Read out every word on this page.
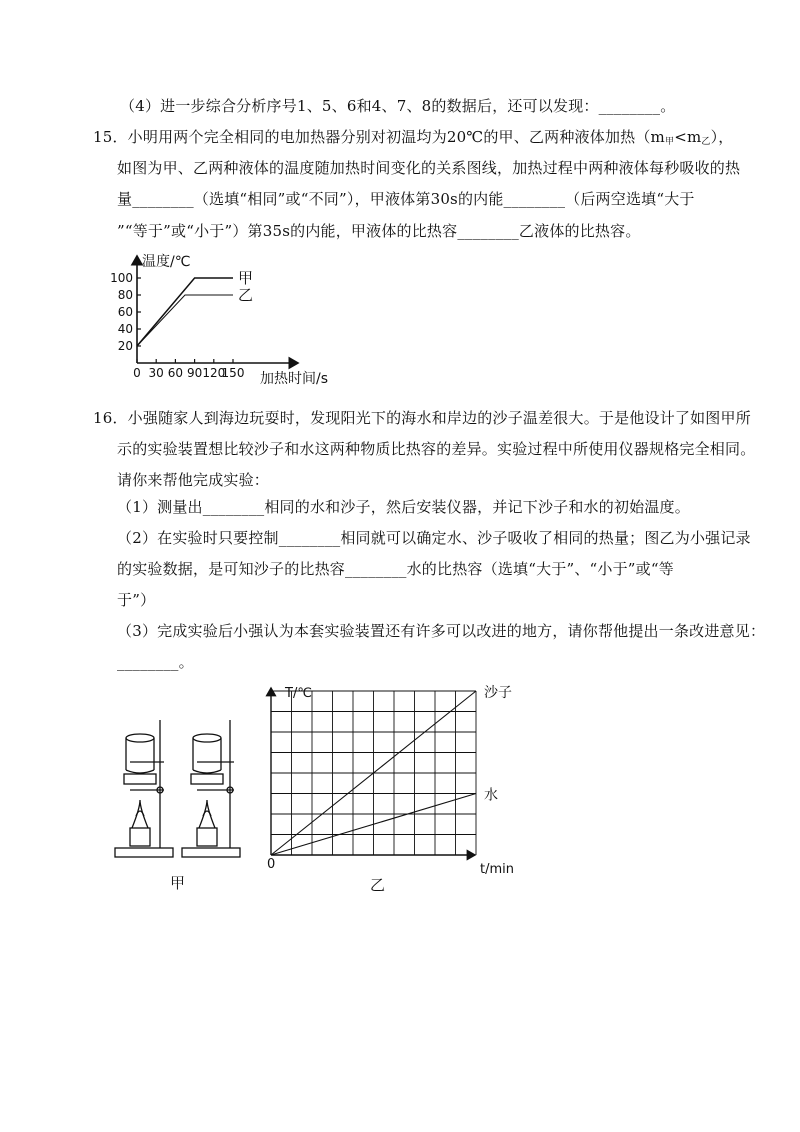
（4）进一步综合分析序号1、5、6和4、7、8的数据后，还可以发现：________。
15．小明用两个完全相同的电加热器分别对初温均为20℃的甲、乙两种液体加热$(m_甲<m_乙)$，
如图为甲、乙两种液体的温度随加热时间变化的关系图线，加热过程中两种液体每秒吸收的热
量________（选填“相同”或“不同”），甲液体第30s的内能________（后两空选填“大于
”“等于”或“小于”）第35s的内能，甲液体的比热容________乙液体的比热容。
温度/℃
加热时间/s
100
80
60
40
20
0 30 60 90 120
150
甲
乙
16．小强随家人到海边玩耍时，发现阳光下的海水和岸边的沙子温差很大。于是他设计了如图甲所
示的实验装置想比较沙子和水这两种物质比热容的差异。实验过程中所使用仪器规格完全相同。
请你来帮他完成实验：
（1）测量出________相同的水和沙子，然后安装仪器，并记下沙子和水的初始温度。
（2）在实验时只要控制________相同就可以确定水、沙子吸收了相同的热量；图乙为小强记录
的实验数据，是可知沙子的比热容________水的比热容（选填“大于”、“小于”或“等
于”）
（3）完成实验后小强认为本套实验装置还有许多可以改进的地方，请你帮他提出一条改进意见：
________。
甲
T/℃
t/min
0
沙子
水
乙
